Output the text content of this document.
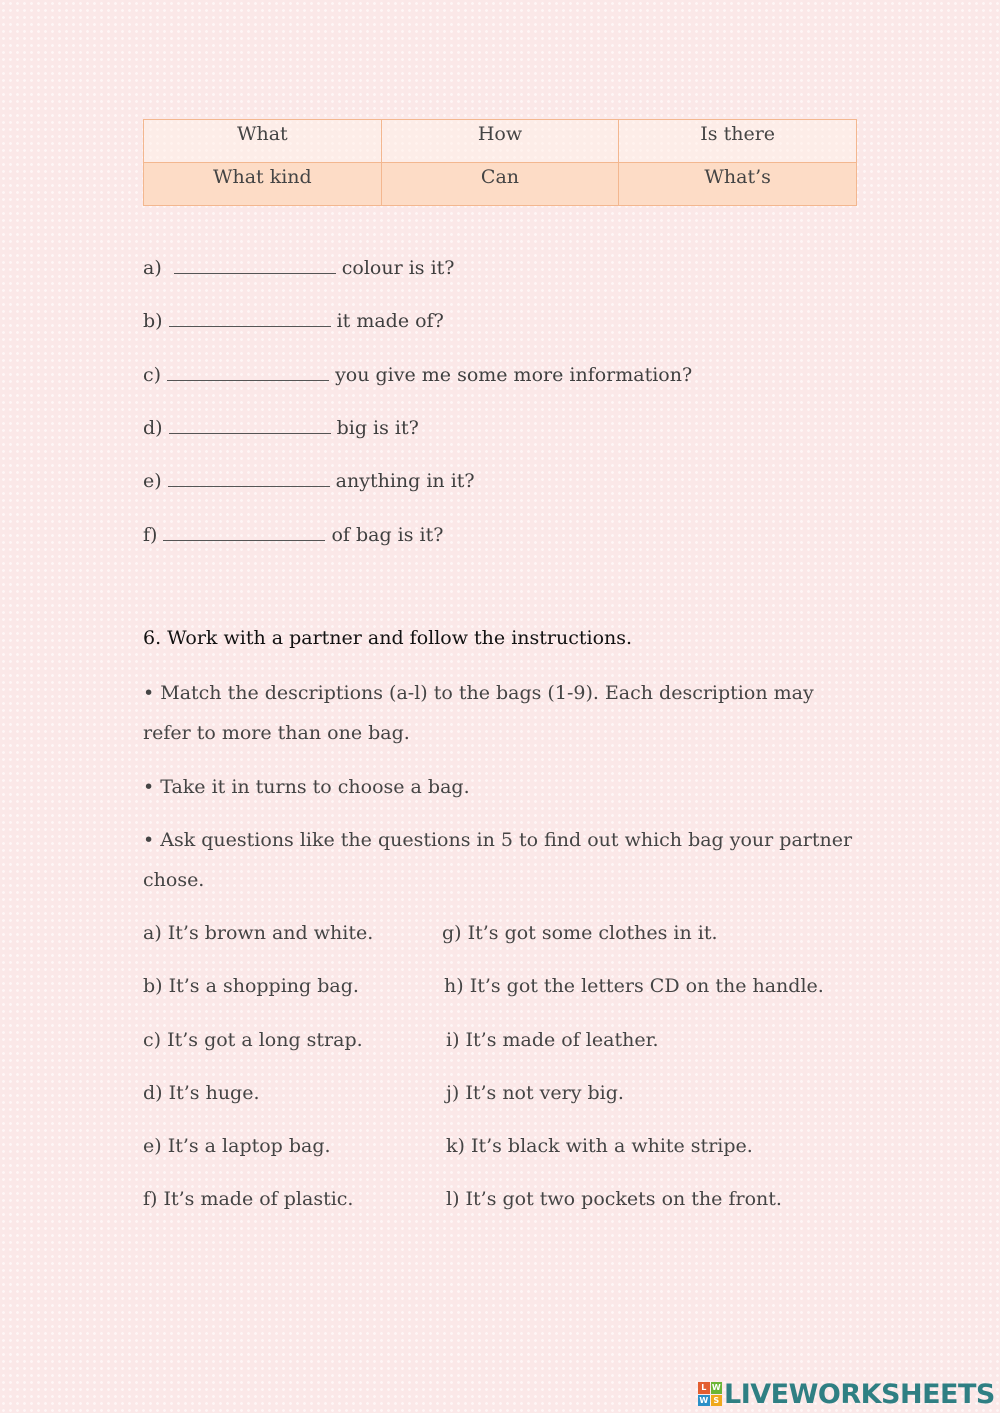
What	How	Is there
What kind	Can	What’s
a)	colour is it?
b)	it made of?
c)	you give me some more information?
d)	big is it?
e)	anything in it?
f)	of bag is it?
6. Work with a partner and follow the instructions.
• Match the descriptions (a-l) to the bags (1-9). Each description may
refer to more than one bag.
• Take it in turns to choose a bag.
• Ask questions like the questions in 5 to find out which bag your partner
chose.
a) It’s brown and white.
b) It’s a shopping bag.
c) It’s got a long strap.
d) It’s huge.
e) It’s a laptop bag.
f) It’s made of plastic.
g) It’s got some clothes in it.
h) It’s got the letters CD on the handle.
i) It’s made of leather.
j) It’s not very big.
k) It’s black with a white stripe.
l) It’s got two pockets on the front.
L W
W S LIVEWORKSHEETS
